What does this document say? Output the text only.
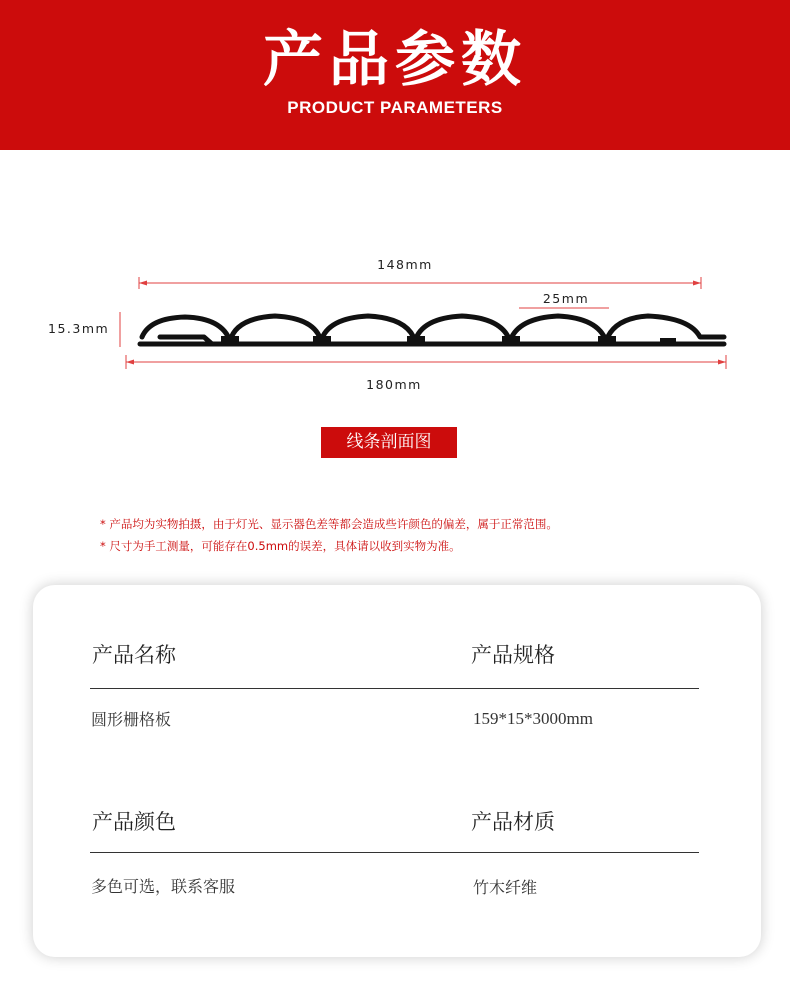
产品参数
PRODUCT PARAMETERS
148mm
25mm
15.3mm
180mm
线条剖面图
* 产品均为实物拍摄，由于灯光、显示器色差等都会造成些许颜色的偏差，属于正常范围。
* 尺寸为手工测量，可能存在0.5mm的误差，具体请以收到实物为准。
产品名称	产品规格
圆形栅格板	159*15*3000mm
产品颜色	产品材质
多色可选，联系客服	竹木纤维
